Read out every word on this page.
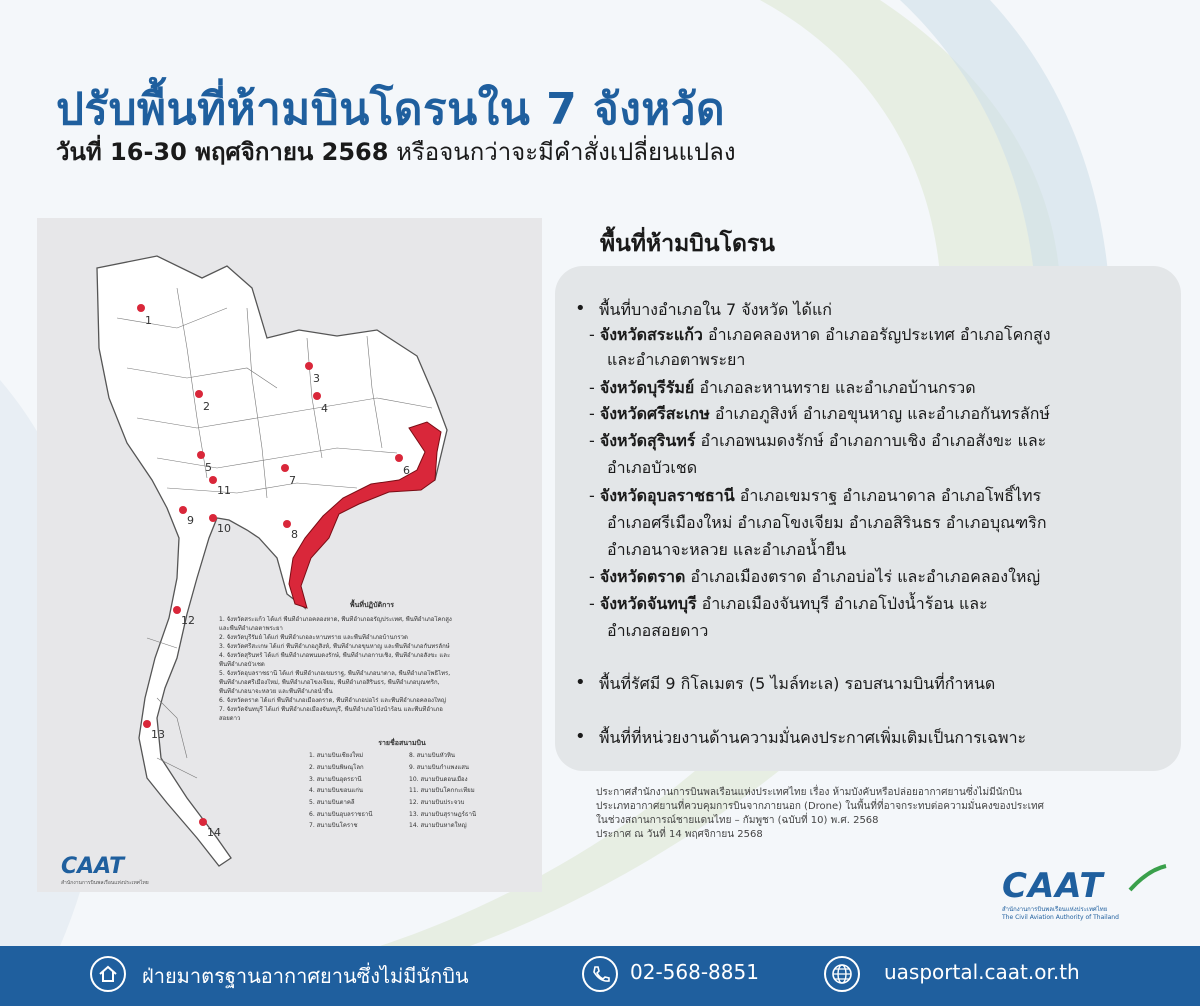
ปรับพื้นที่ห้ามบินโดรนใน 7 จังหวัด

วันที่ 16-30 พฤศจิกายน 2568 หรือจนกว่าจะมีคำสั่งเปลี่ยนแปลง

1
2
3
4
5	6
7
8
9
10
11
12
13
14
พื้นที่ปฏิบัติการ
1. จังหวัดสระแก้ว ได้แก่ พื้นที่อำเภอคลองหาด, พื้นที่อำเภออรัญประเทศ, พื้นที่อำเภอโคกสูง
และพื้นที่อำเภอตาพระยา
2. จังหวัดบุรีรัมย์ ได้แก่ พื้นที่อำเภอละหานทราย และพื้นที่อำเภอบ้านกรวด
3. จังหวัดศรีสะเกษ ได้แก่ พื้นที่อำเภอภูสิงห์, พื้นที่อำเภอขุนหาญ และพื้นที่อำเภอกันทรลักษ์
4. จังหวัดสุรินทร์ ได้แก่ พื้นที่อำเภอพนมดงรักษ์, พื้นที่อำเภอกาบเชิง, พื้นที่อำเภอสังขะ และ
พื้นที่อำเภอบัวเชด
5. จังหวัดอุบลราชธานี ได้แก่ พื้นที่อำเภอเขมราฐ, พื้นที่อำเภอนาดาล, พื้นที่อำเภอโพธิ์ไทร,
พื้นที่อำเภอศรีเมืองใหม่, พื้นที่อำเภอโขงเจียม, พื้นที่อำเภอสิรินธร, พื้นที่อำเภอบุณฑริก,
พื้นที่อำเภอนาจะหลวย และพื้นที่อำเภอน้ำยืน
6. จังหวัดตราด ได้แก่ พื้นที่อำเภอเมืองตราด, พื้นที่อำเภอบ่อไร่ และพื้นที่อำเภอคลองใหญ่
7. จังหวัดจันทบุรี ได้แก่ พื้นที่อำเภอเมืองจันทบุรี, พื้นที่อำเภอโป่งน้ำร้อน และพื้นที่อำเภอ
สอยดาว
รายชื่อสนามบิน
1. สนามบินเชียงใหม่	8. สนามบินหัวหิน
2. สนามบินพิษณุโลก	9. สนามบินกำแพงแสน
3. สนามบินอุดรธานี	10. สนามบินดอนเมือง
4. สนามบินขอนแก่น	11. สนามบินโคกกะเทียม
5. สนามบินตาคลี	12. สนามบินประจวบ
6. สนามบินอุบลราชธานี	13. สนามบินสุราษฎร์ธานี
7. สนามบินโคราช	14. สนามบินหาดใหญ่
CAAT
สำนักงานการบินพลเรือนแห่งประเทศไทย
พื้นที่ห้ามบินโดรน
• พื้นที่บางอำเภอใน 7 จังหวัด ได้แก่
- จังหวัดสระแก้ว อำเภอคลองหาด อำเภออรัญประเทศ อำเภอโคกสูง
และอำเภอตาพระยา
- จังหวัดบุรีรัมย์ อำเภอละหานทราย และอำเภอบ้านกรวด
- จังหวัดศรีสะเกษ อำเภอภูสิงห์ อำเภอขุนหาญ และอำเภอกันทรลักษ์
- จังหวัดสุรินทร์ อำเภอพนมดงรักษ์ อำเภอกาบเชิง อำเภอสังขะ และ
อำเภอบัวเชด
- จังหวัดอุบลราชธานี อำเภอเขมราฐ อำเภอนาดาล อำเภอโพธิ์ไทร
อำเภอศรีเมืองใหม่ อำเภอโขงเจียม อำเภอสิรินธร อำเภอบุณฑริก
อำเภอนาจะหลวย และอำเภอน้ำยืน
- จังหวัดตราด อำเภอเมืองตราด อำเภอบ่อไร่ และอำเภอคลองใหญ่
- จังหวัดจันทบุรี อำเภอเมืองจันทบุรี อำเภอโป่งน้ำร้อน และ
อำเภอสอยดาว
• พื้นที่รัศมี 9 กิโลเมตร (5 ไมล์ทะเล) รอบสนามบินที่กำหนด
• พื้นที่ที่หน่วยงานด้านความมั่นคงประกาศเพิ่มเติมเป็นการเฉพาะ
ประกาศสำนักงานการบินพลเรือนแห่งประเทศไทย เรื่อง ห้ามบังคับหรือปล่อยอากาศยานซึ่งไม่มีนักบิน
ประเภทอากาศยานที่ควบคุมการบินจากภายนอก (Drone) ในพื้นที่ที่อาจกระทบต่อความมั่นคงของประเทศ
ในช่วงสถานการณ์ชายแดนไทย – กัมพูชา (ฉบับที่ 10) พ.ศ. 2568
ประกาศ ณ วันที่ 14 พฤศจิกายน 2568
CAAT
สำนักงานการบินพลเรือนแห่งประเทศไทย
The Civil Aviation Authority of Thailand
ฝ่ายมาตรฐานอากาศยานซึ่งไม่มีนักบิน	02-568-8851	uasportal.caat.or.th
